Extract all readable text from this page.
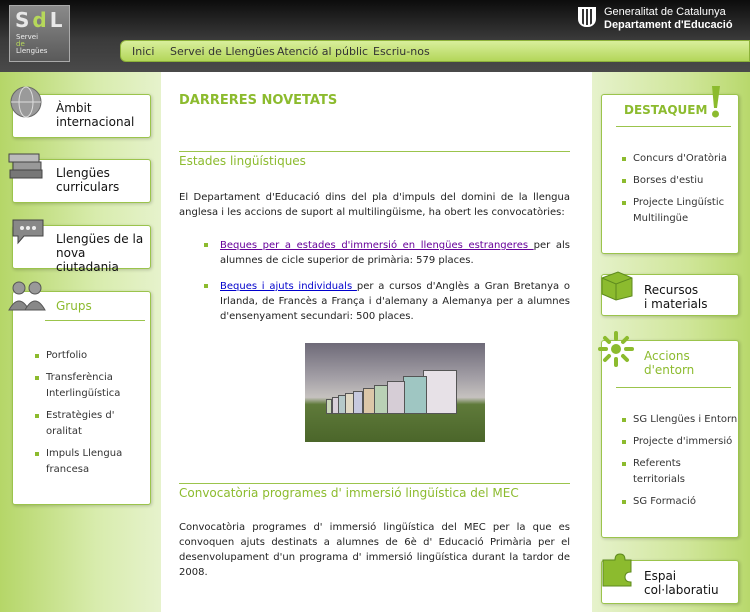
SdL
Servei
de
Llengües
Generalitat de Catalunya
Departament d'Educació
Inici Servei de Llengües Atenció al públic Escriu-nos
Àmbit
internacional
Llengües
curriculars
Llengües de la
nova ciutadania
Grups
Portfolio
Transferència
Interlingüística
Estratègies d'
oralitat
Impuls Llengua
francesa
DARRERES NOVETATS
Estades lingüístiques
El Departament d'Educació dins del pla d'impuls del domini de la llengua anglesa i les accions de suport al multilingüisme, ha obert les convocatòries:
Beques per a estades d'immersió en llengües estrangeres per als alumnes de cicle superior de primària: 579 places.
Beques i ajuts individuals per a cursos d'Anglès a Gran Bretanya o Irlanda, de Francès a França i d'alemany a Alemanya per a alumnes d'ensenyament secundari: 500 places.
Convocatòria programes d' immersió lingüística del MEC
Convocatòria programes d' immersió lingüística del MEC per la que es convoquen ajuts destinats a alumnes de 6è d' Educació Primària per el desenvolupament d'un programa d' immersió lingüística durant la tardor de 2008.
DESTAQUEM
Concurs d'Oratòria
Borses d'estiu
Projecte Lingüístic
Multilingüe
Recursos
i materials
Accions
d'entorn
SG Llengües i Entorn
Projecte d'immersió
Referents
territorials
SG Formació
Espai
col·laboratiu
